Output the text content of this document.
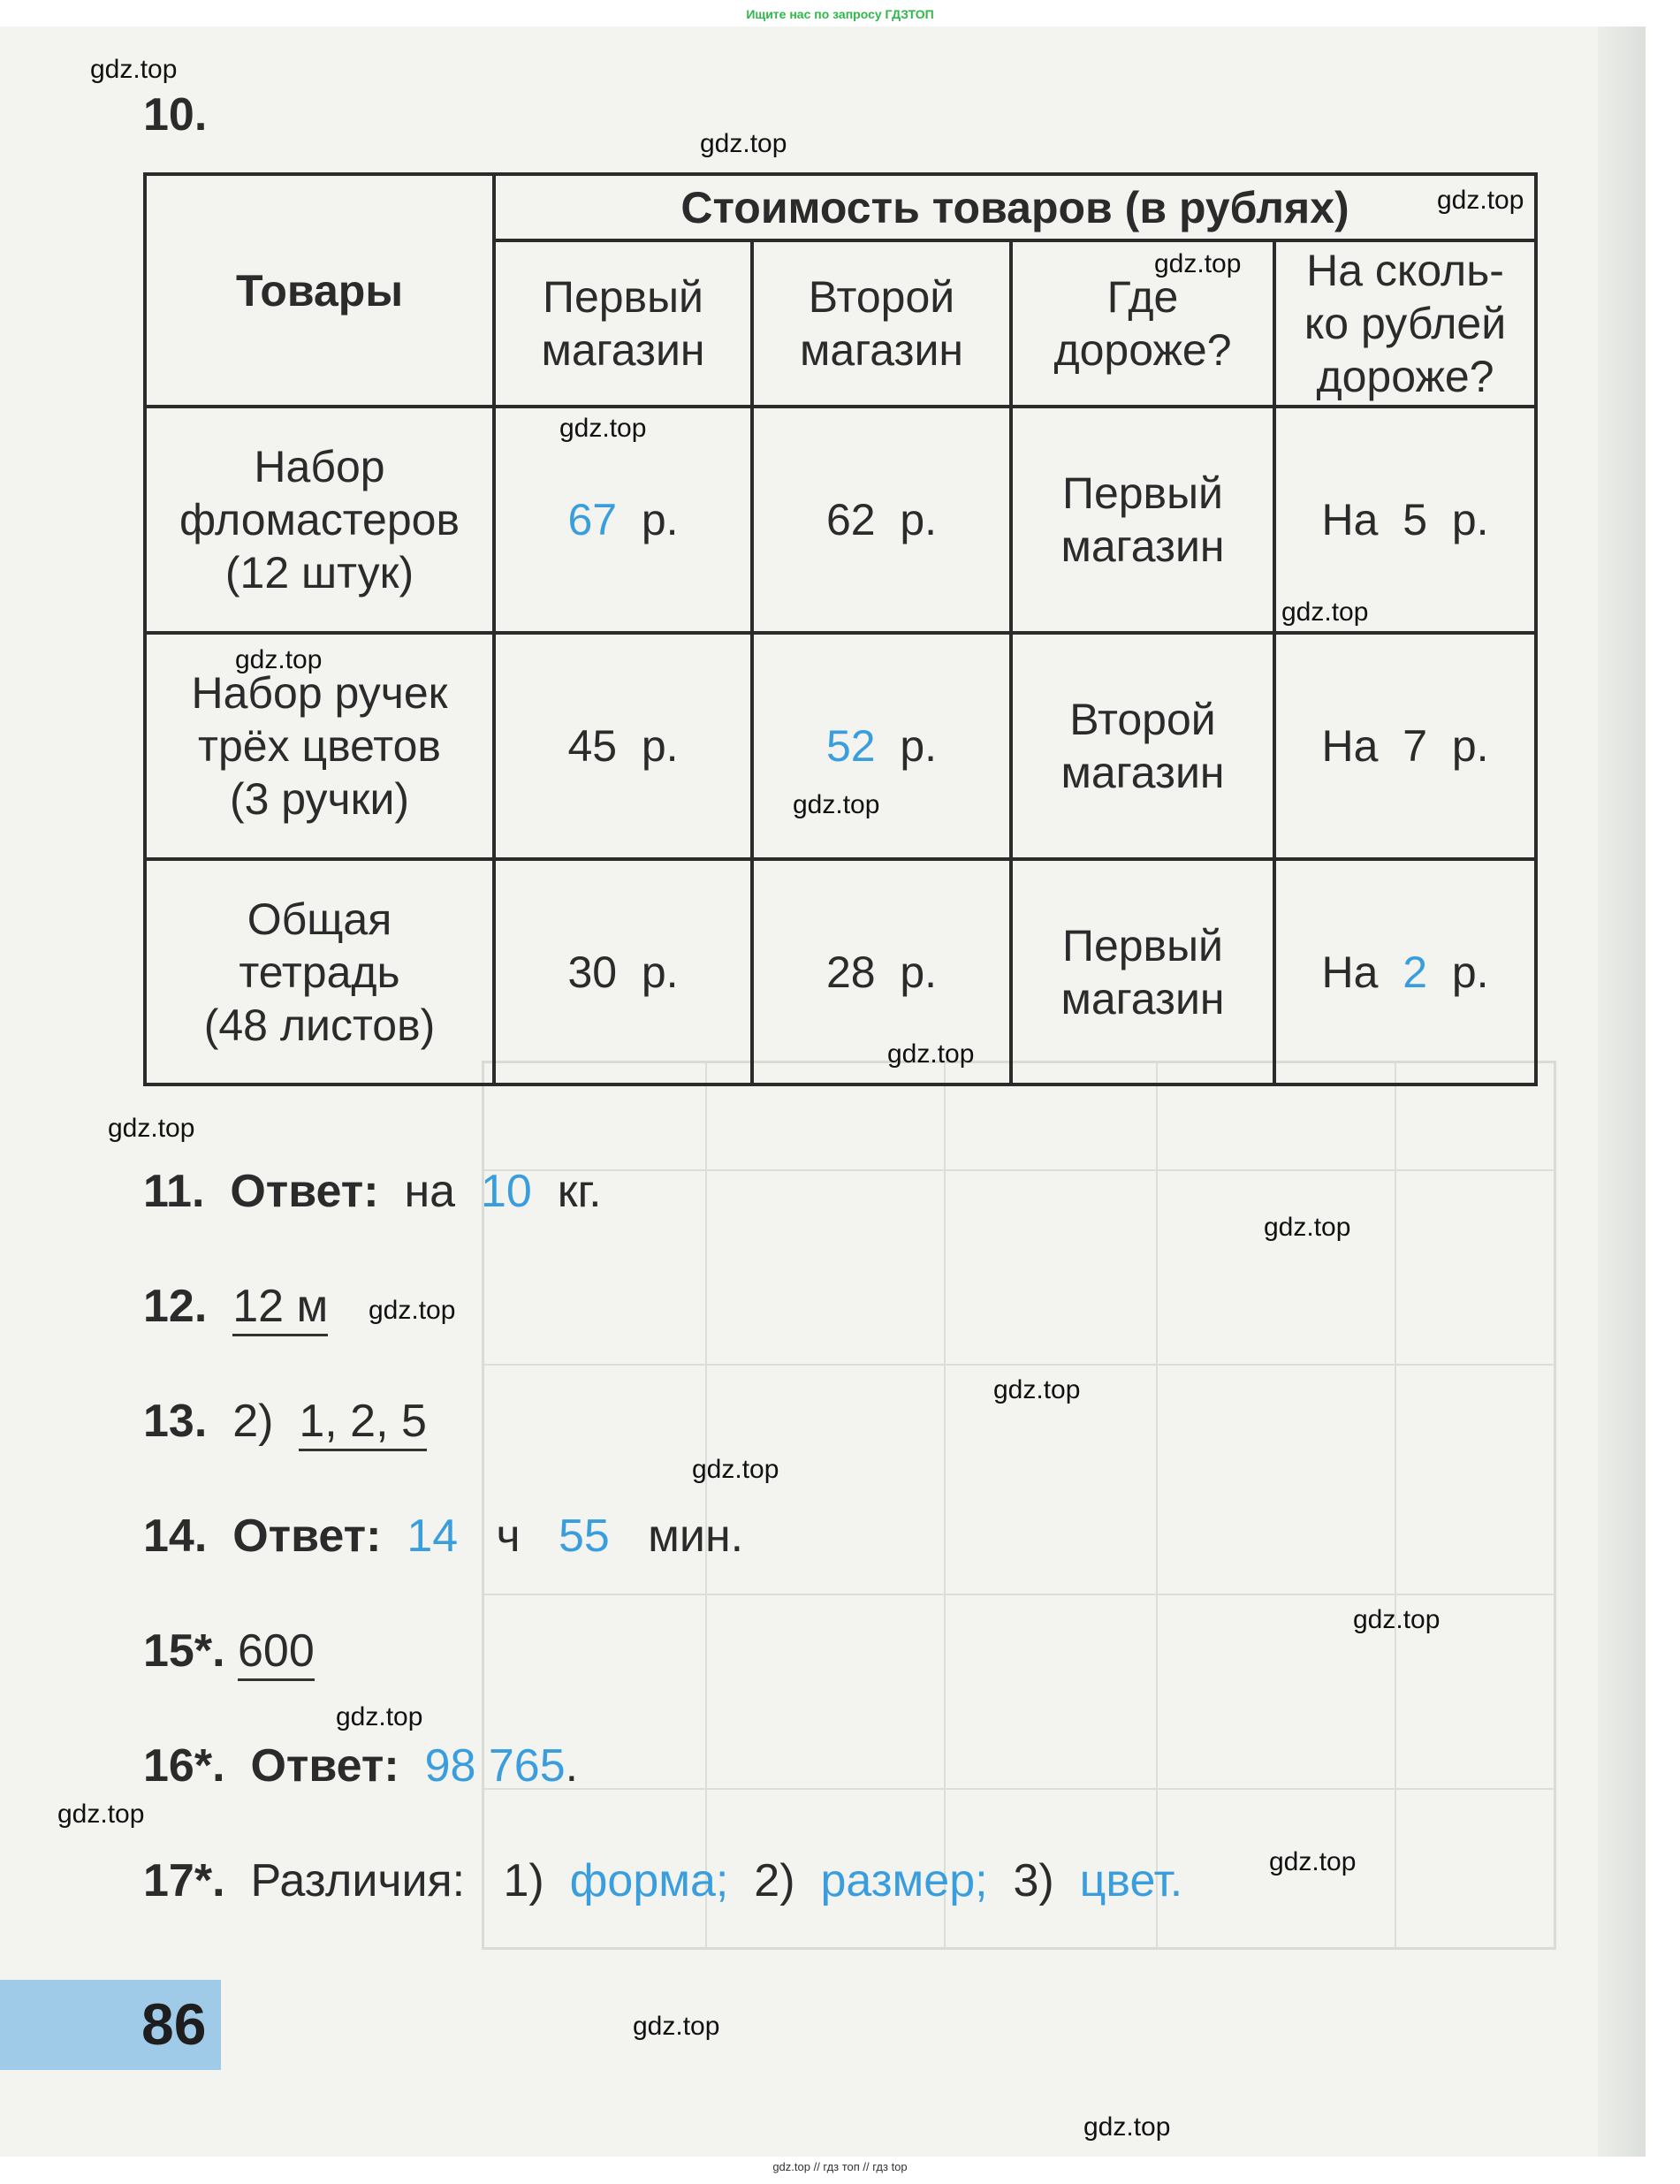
Ищите нас по запросу ГДЗТОП
10.
Товары	Стоимость товаров (в рублях)			
	Первый
магазин	Второй
магазин	Где
дороже?	На сколь-
ко рублей
дороже?
Набор
фломастеров
(12 штук)	67 р.	62 р.	Первый
магазин	На 5 р.
Набор ручек
трёх цветов
(3 ручки)	45 р.	52 р.	Второй
магазин	На 7 р.
Общая
тетрадь
(48 листов)	30 р.	28 р.	Первый
магазин	На 2 р.
11. Ответ: на 10 кг.
12. 12 м
13. 2) 1, 2, 5
14. Ответ: 14 ч 55 мин.
15*. 600
16*. Ответ: 98 765.
17*. Различия: 1) форма; 2) размер; 3) цвет.
86
gdz.top
gdz.top
gdz.top
gdz.top
gdz.top
gdz.top
gdz.top
gdz.top
gdz.top
gdz.top
gdz.top
gdz.top
gdz.top
gdz.top
gdz.top
gdz.top
gdz.top
gdz.top
gdz.top
gdz.top
gdz.top // гдз топ // гдз top
